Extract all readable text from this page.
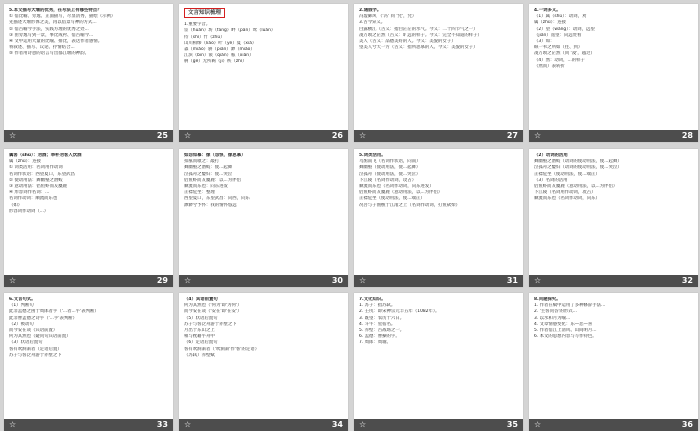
5.本文描写大堰的优秀，在写法上有哪些特点？

① 借比喻、旁逸、正面描写，尽显清秀，描绘（示例）

先描述大堰形体之美，再以借景写神的方式...

② 借古喻今手法，实践方理的优秀之处...

③ 由旁逸写到一景，事比成衬、借古喻今...

④ 文中运用大量的比喻、排比，表达作者感情。

将叙述、描写、议论、抒情结合...

⑤ 作者用诗意的语言写出都江堰的神韵。

☆	25
文言知识梳理

1.重要字音。

宦（huàn）坊（fāng）畔（pàn）鸾（luán）

侍（shì）竹（zhú）

山川相缪（liáo）叶（yè）夏（xià）

淼（miǎo）骈（pián）渺（miǎo）

江滨（bīn）嵌（qiàn）舷（xián）

舸（gě）无所羁（jī）秩（zhì）

☆	26

2.通假字。

冯虚御风 （'冯' 同 '凭'，凭）

3.古今异义。

白露横江（古义：指白茫茫的水气。今义：二十四节气之一）

凌万顷之茫然（古义：旷远的样子。今义：完全不知道的样子）

美人（古义：品德美好的人。今义：美貌的女子）

望美人兮天一方（古义：指所思慕的人。今义：美貌的女子）

☆	27

4.一词多义。

（1）属（shǔ）：动词，劝

属（zhǔ）：连接

（2）望（wàng）：动词，远望

（jiàn）遥望：向远处看

（3）如：

纵一苇之所如（往、到）

凌万顷之茫然（同 '凌'，越过）

（4）然：动词，...的样子

（然而）表转折

☆	28

属客（shǔ）：劝酒；举杯劝客人饮酒

属（zhǔ）：连接

① 词类活用：名词用作动词

名词作状语：西望夏口，东望武昌

② 使动用法：舞幽壑之潜蛟

③ 意动用法：侣鱼虾而友麋鹿

④ 形容词作名词：...

名词作动词：顺流而东也

（如）

形容词作动词（...）

☆	29

如怨如慕：像（怨恨、像思慕）

扣舷而歌之：敲打

舞幽壑之潜蛟：使...起舞

泣孤舟之嫠妇：使...哭泣

侣鱼虾而友麋鹿：以...为伴侣

顺流而东也：向东进发

正襟危坐：整理

西望夏口，东望武昌：向西，向东

渺渺兮予怀：我的情怀悠远

☆	30

5.词类活用。

乌鹊南飞（名词作状语，向南）

舞幽壑（使动用法，使...起舞）

泣孤舟（使动用法，使...哭泣）

下江陵（名词作动词，攻占）

顺流而东也（名词作动词，向东进发）

侣鱼虾而友麋鹿（意动用法，以...为伴侣）

正襟危坐（使动用法，使...端正）

况吾与子渔樵于江渚之上（名词作动词，打鱼砍柴）

☆	31

（2）动词的活用

舞幽壑之潜蛟（动词的使动用法，使...起舞）

泣孤舟之嫠妇（动词的使动用法，使...哭泣）

正襟危坐（使动用法，使...端正）

（3）名词的活用

侣鱼虾而友麋鹿（意动用法，以...为伴侣）

下江陵（名词用作动词，攻占）

顺流而东也（名词作动词，向东）

☆	32

6.文言句式。

（1）判断句

此非孟德之困于周郎者乎（'...者...乎'表判断）

此非曹孟德之诗乎（'...乎'表判断）

（2）被动句

而今安在哉（宾语前置）

何为其然也（疑问句宾语前置）

（3）状语后置句

客有吹洞箫者（定语后置）

苏子与客泛舟游于赤壁之下

☆	33

（4）宾语前置句

何为其然也（'何为'即'为何'）

而今安在哉（'安在'即'在安'）

（5）状语后置句

苏子与客泛舟游于赤壁之下

月出于东山之上

相与枕藉乎舟中

（6）定语后置句

客有吹洞箫者（'吹洞箫'作'客'的定语）

（苏轼）赤壁赋

☆	34

7.文化知识。

1. 苏子：指苏轼。

2. 壬戌：即宋神宗元丰五年（1082年）。

3. 既望：农历十六日。

4. 斗牛：星宿名。

5. 赤壁：古战场之一。

6. 孟德：曹操的字。

7. 周郎：周瑜。

☆	35

8.问题探究。

1. 作者在赋中运用了多种修辞手法...

2. '主客问答'的形式...

3. 以水和月为喻...

4. 文章情感变化：乐—悲—喜

5. 作者借江上清风、山间明月...

6. 本文的思想内容与写作特色。

☆	36
